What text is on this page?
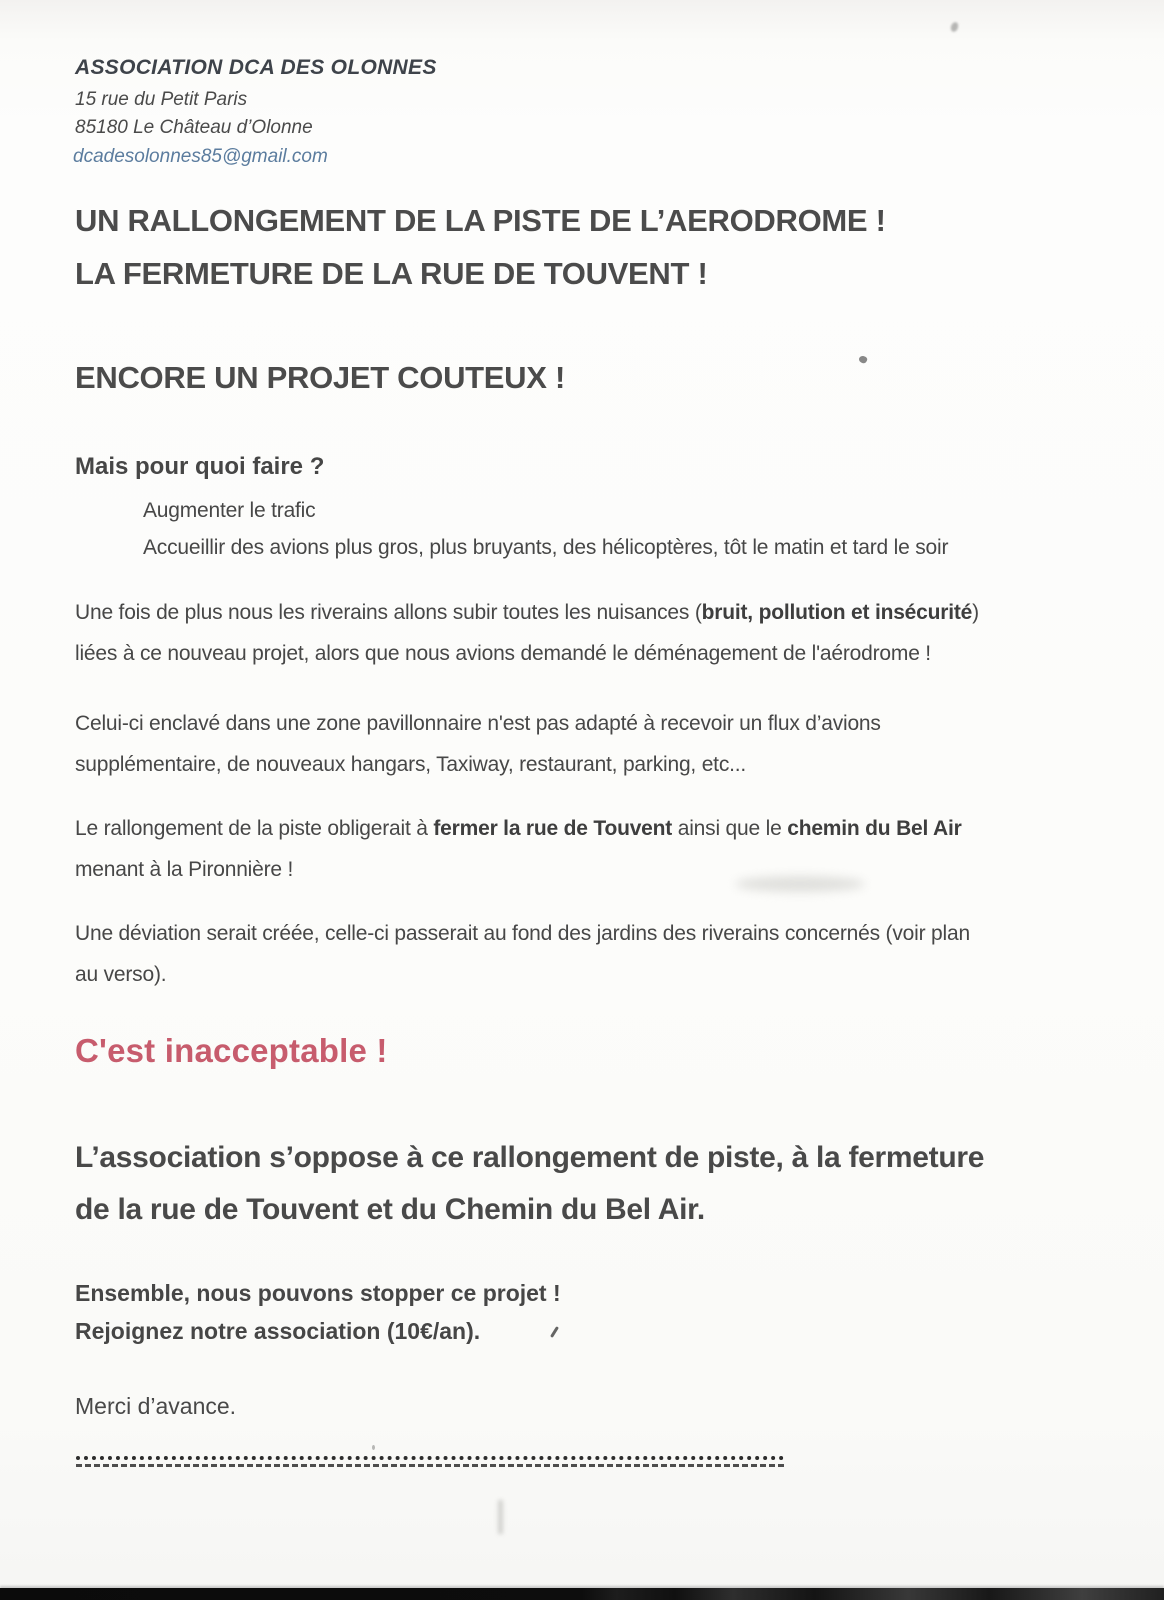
ASSOCIATION DCA DES OLONNES
15 rue du Petit Paris
85180 Le Château d’Olonne
dcadesolonnes85@gmail.com
UN RALLONGEMENT DE LA PISTE DE L’AERODROME !
LA FERMETURE DE LA RUE DE TOUVENT !
ENCORE UN PROJET COUTEUX !
Mais pour quoi faire ?
Augmenter le trafic
Accueillir des avions plus gros, plus bruyants, des hélicoptères, tôt le matin et tard le soir
Une fois de plus nous les riverains allons subir toutes les nuisances (bruit, pollution et insécurité)
liées à ce nouveau projet, alors que nous avions demandé le déménagement de l'aérodrome !
Celui-ci enclavé dans une zone pavillonnaire n'est pas adapté à recevoir un flux d’avions
supplémentaire, de nouveaux hangars, Taxiway, restaurant, parking, etc...
Le rallongement de la piste obligerait à fermer la rue de Touvent ainsi que le chemin du Bel Air
menant à la Pironnière !
Une déviation serait créée, celle-ci passerait au fond des jardins des riverains concernés (voir plan
au verso).
C'est inacceptable !
L’association s’oppose à ce rallongement de piste, à la fermeture
de la rue de Touvent et du Chemin du Bel Air.
Ensemble, nous pouvons stopper ce projet !
Rejoignez notre association (10€/an).
Merci d’avance.
